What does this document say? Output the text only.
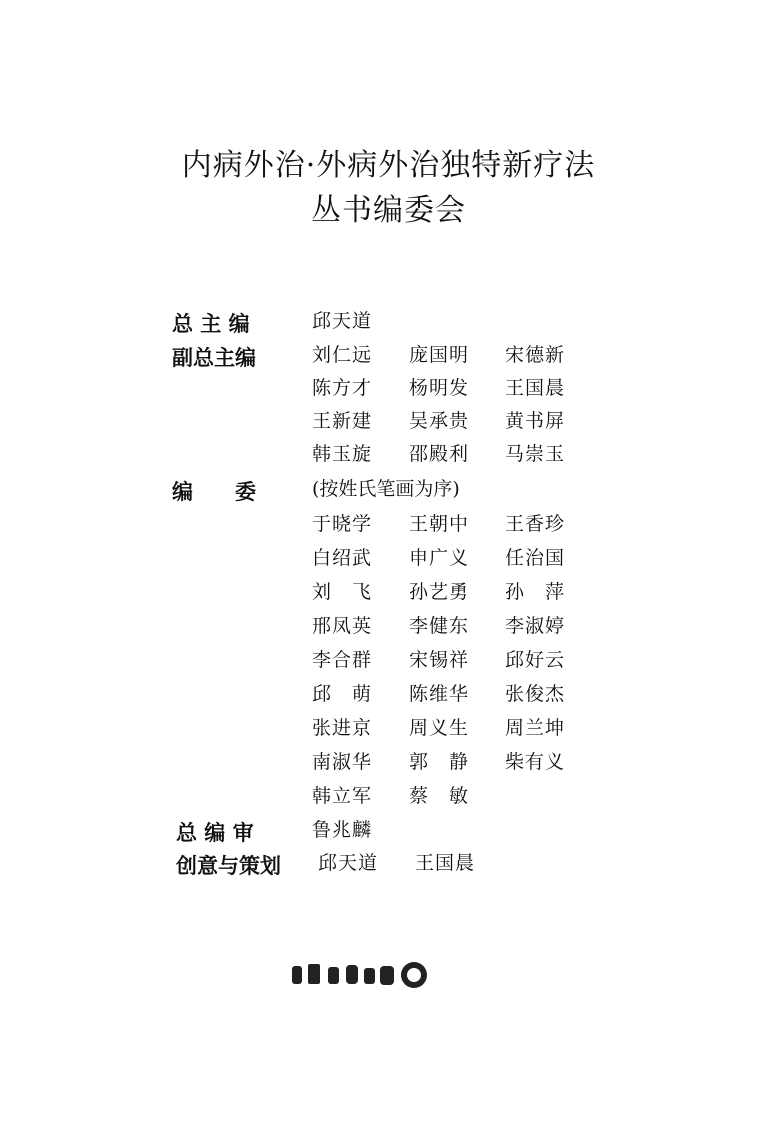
内病外治·外病外治独特新疗法
丛书编委会
总 主 编	邱天道
副总主编	刘仁远 庞国明 宋德新
陈方才 杨明发 王国晨
王新建 吴承贵 黄书屏
韩玉旋 邵殿利 马崇玉
编　　委	(按姓氏笔画为序)
于晓学 王朝中 王香珍
白绍武 申广义 任治国
刘　飞 孙艺勇 孙　萍
邢凤英 李健东 李淑婷
李合群 宋锡祥 邱好云
邱　萌 陈维华 张俊杰
张进京 周义生 周兰坤
南淑华 郭　静 柴有义
韩立军 蔡　敏
总 编 审	鲁兆麟
创意与策划 邱天道 王国晨
